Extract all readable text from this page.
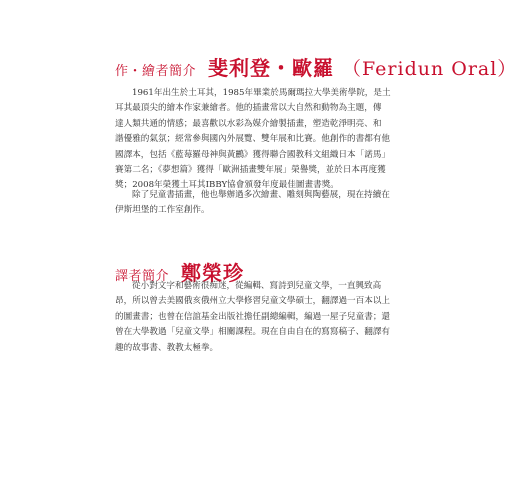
作・繪者簡介 斐利登・歐羅 （Feridun Oral）
1961年出生於土耳其，1985年畢業於馬爾瑪拉大學美術學院，是土
耳其最頂尖的繪本作家兼繪者。他的插畫常以大自然和動物為主題，傳
達人類共通的情感；最喜歡以水彩為媒介繪製插畫，塑造乾淨明亮、和
諧優雅的氣氛；經常參與國內外展覽、雙年展和比賽。他創作的書都有他
國譯本，包括《藍莓羅母神與黃鸝》獲得聯合國教科文組織日本「諾馬」
賽第二名；《夢想篇》獲得「歐洲插畫雙年展」榮譽獎，並於日本再度獲
獎；2008年榮獲土耳其IBBY協會頒發年度最佳圖畫書獎。
除了兒童書插畫，他也舉辦過多次繪畫、雕刻與陶藝展，現在持續在
伊斯坦堡的工作室創作。
譯者簡介 鄭榮珍
從小對文字和藝術很痴迷，從編輯、寫詩到兒童文學，一直興致高
昂，所以曾去美國俄亥俄州立大學修習兒童文學碩士，翻譯過一百本以上
的圖畫書；也曾在信誼基金出版社擔任副總編輯，編過一屋子兒童書；還
曾在大學教過「兒童文學」相關課程。現在自由自在的寫寫稿子、翻譯有
趣的故事書、教教太極拳。
